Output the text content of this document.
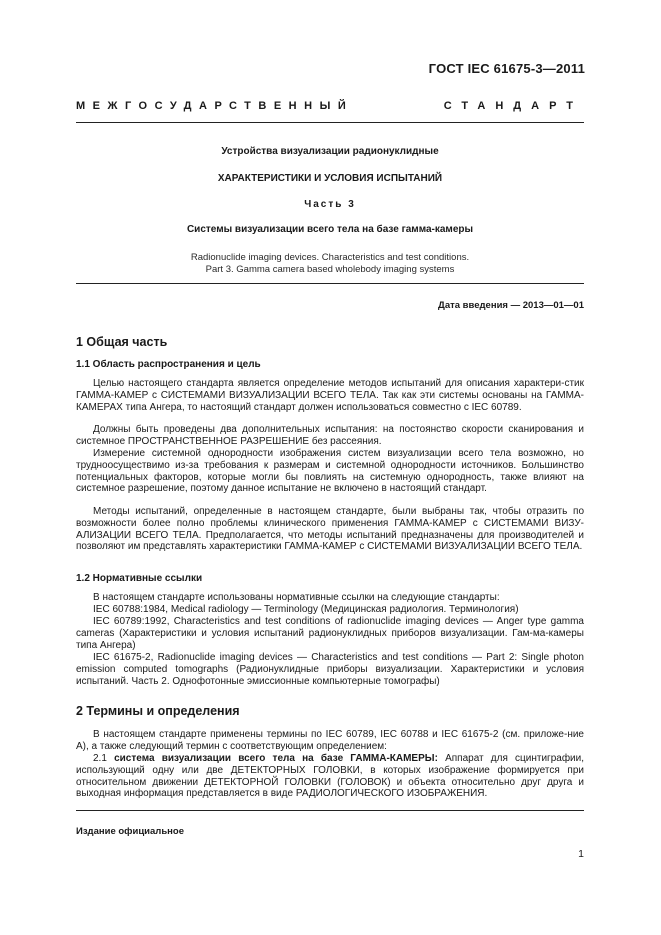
ГОСТ IEC 61675-3—2011
МЕЖГОСУДАРСТВЕННЫЙ	СТАНДАРТ
Устройства визуализации радионуклидные
ХАРАКТЕРИСТИКИ И УСЛОВИЯ ИСПЫТАНИЙ
Часть 3
Системы визуализации всего тела на базе гамма-камеры
Radionuclide imaging devices. Characteristics and test conditions.
Part 3. Gamma camera based wholebody imaging systems
Дата введения — 2013—01—01
1 Общая часть
1.1 Область распространения и цель

Целью настоящего стандарта является определение методов испытаний для описания характери-стик ГАММА-КАМЕР с СИСТЕМАМИ ВИЗУАЛИЗАЦИИ ВСЕГО ТЕЛА. Так как эти системы основаны на ГАММА-КАМЕРАХ типа Ангера, то настоящий стандарт должен использоваться совместно с IEC 60789.

Должны быть проведены два дополнительных испытания: на постоянство скорости сканирования и системное ПРОСТРАНСТВЕННОЕ РАЗРЕШЕНИЕ без рассеяния.

Измерение системной однородности изображения систем визуализации всего тела возможно, но трудноосуществимо из-за требования к размерам и системной однородности источников. Большинство потенциальных факторов, которые могли бы повлиять на системную однородность, также влияют на системное разрешение, поэтому данное испытание не включено в настоящий стандарт.

Методы испытаний, определенные в настоящем стандарте, были выбраны так, чтобы отразить по возможности более полно проблемы клинического применения ГАММА-КАМЕР с СИСТЕМАМИ ВИЗУ-АЛИЗАЦИИ ВСЕГО ТЕЛА. Предполагается, что методы испытаний предназначены для производителей и позволяют им представлять характеристики ГАММА-КАМЕР с СИСТЕМАМИ ВИЗУАЛИЗАЦИИ ВСЕГО ТЕЛА.

1.2 Нормативные ссылки

В настоящем стандарте использованы нормативные ссылки на следующие стандарты:

IEC 60788:1984, Medical radiology — Terminology (Медицинская радиология. Терминология)

IEC 60789:1992, Characteristics and test conditions of radionuclide imaging devices — Anger type gamma cameras (Характеристики и условия испытаний радионуклидных приборов визуализации. Гам-ма-камеры типа Ангера)

IEC 61675-2, Radionuclide imaging devices — Characteristics and test conditions — Part 2: Single photon emission computed tomographs (Радионуклидные приборы визуализации. Характеристики и условия испытаний. Часть 2. Однофотонные эмиссионные компьютерные томографы)

2 Термины и определения

В настоящем стандарте применены термины по IEC 60789, IEC 60788 и IEC 61675-2 (см. приложе-ние А), а также следующий термин с соответствующим определением:

2.1 система визуализации всего тела на базе ГАММА-КАМЕРЫ: Аппарат для сцинтиграфии, использующий одну или две ДЕТЕКТОРНЫХ ГОЛОВКИ, в которых изображение формируется при относительном движении ДЕТЕКТОРНОЙ ГОЛОВКИ (ГОЛОВОК) и объекта относительно друг друга и выходная информация представляется в виде РАДИОЛОГИЧЕСКОГО ИЗОБРАЖЕНИЯ.

Издание официальное
1
